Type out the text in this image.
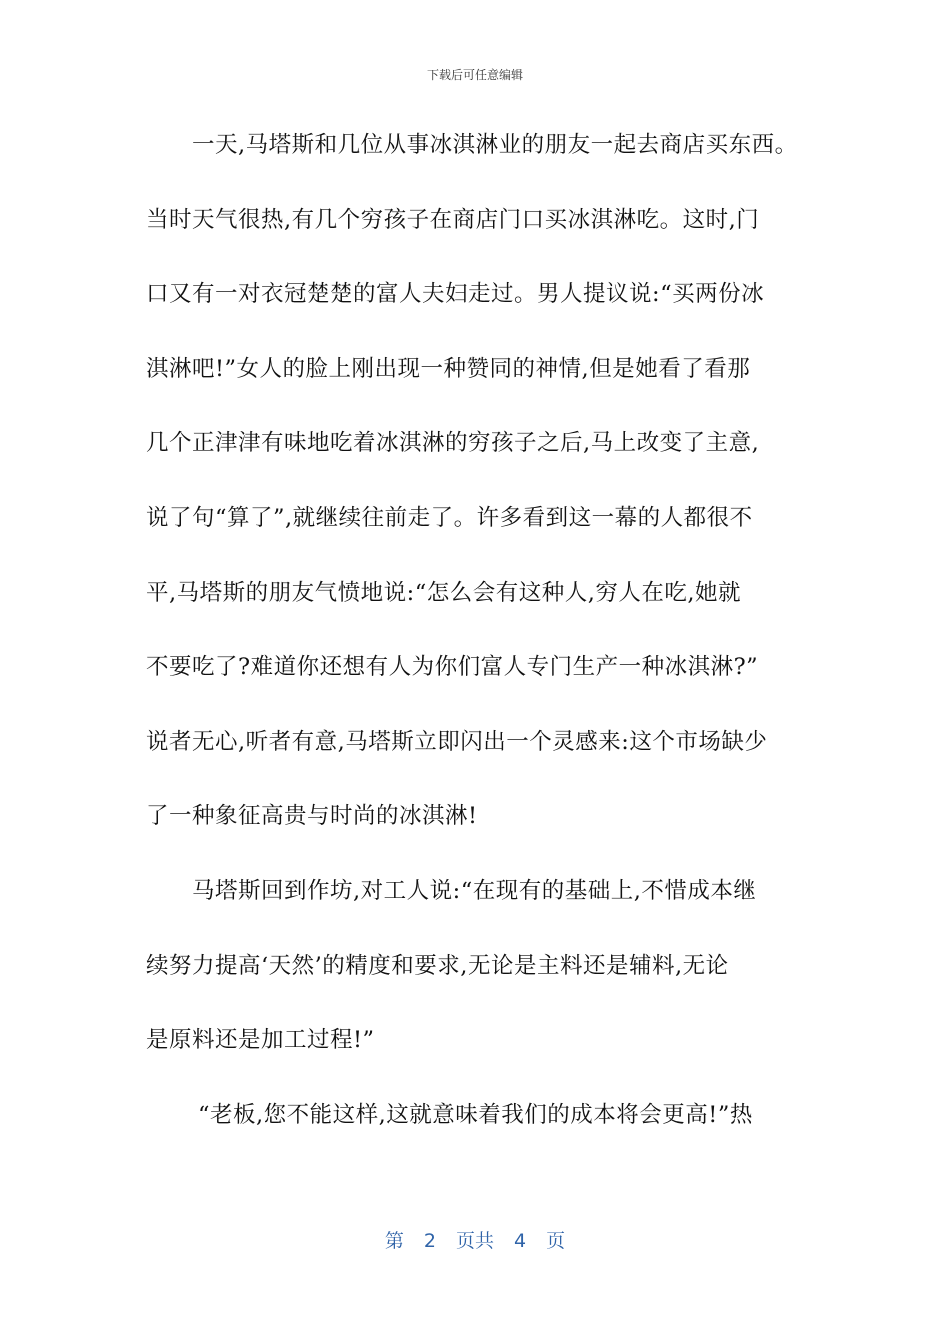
下载后可任意编辑
一天,马塔斯和几位从事冰淇淋业的朋友一起去商店买东西。
当时天气很热,有几个穷孩子在商店门口买冰淇淋吃。这时,门
口又有一对衣冠楚楚的富人夫妇走过。男人提议说:“买两份冰
淇淋吧!”女人的脸上刚出现一种赞同的神情,但是她看了看那
几个正津津有味地吃着冰淇淋的穷孩子之后,马上改变了主意,
说了句“算了”,就继续往前走了。许多看到这一幕的人都很不
平,马塔斯的朋友气愤地说:“怎么会有这种人,穷人在吃,她就
不要吃了?难道你还想有人为你们富人专门生产一种冰淇淋?”
说者无心,听者有意,马塔斯立即闪出一个灵感来:这个市场缺少
了一种象征高贵与时尚的冰淇淋!
马塔斯回到作坊,对工人说:“在现有的基础上,不惜成本继
续努力提高‘天然’的精度和要求,无论是主料还是辅料,无论
是原料还是加工过程!”
“老板,您不能这样,这就意味着我们的成本将会更高!”热
第 2 页共 4 页
